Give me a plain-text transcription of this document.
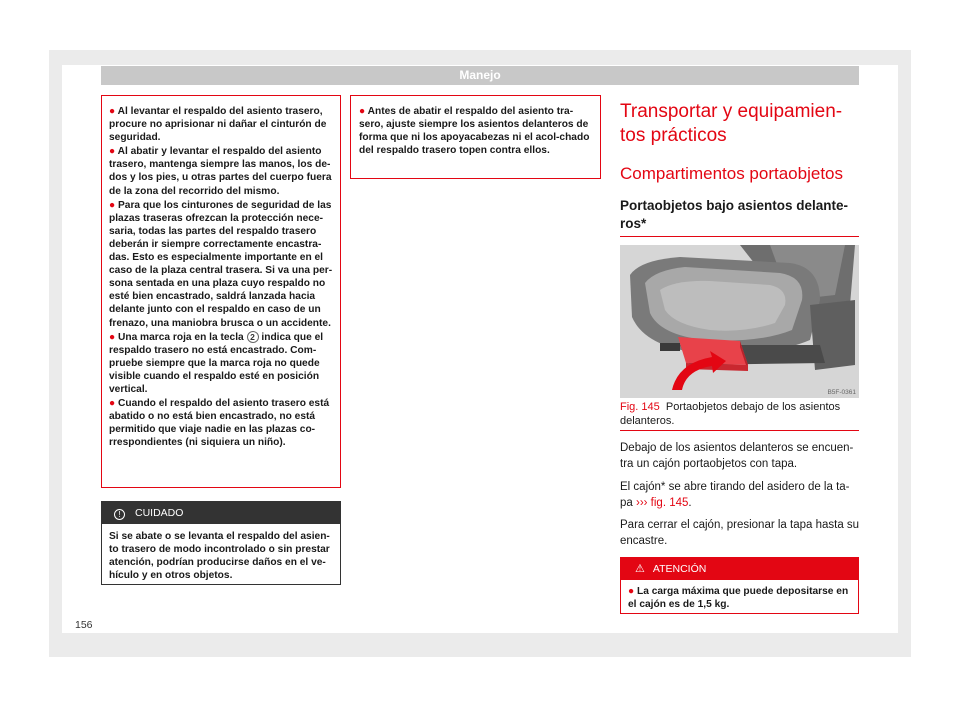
Manejo
● Al levantar el respaldo del asiento trasero, procure no aprisionar ni dañar el cinturón de seguridad.
● Al abatir y levantar el respaldo del asiento trasero, mantenga siempre las manos, los de-dos y los pies, u otras partes del cuerpo fuera de la zona del recorrido del mismo.
● Para que los cinturones de seguridad de las plazas traseras ofrezcan la protección nece-saria, todas las partes del respaldo trasero deberán ir siempre correctamente encastra-das. Esto es especialmente importante en el caso de la plaza central trasera. Si va una per-sona sentada en una plaza cuyo respaldo no esté bien encastrado, saldrá lanzada hacia delante junto con el respaldo en caso de un frenazo, una maniobra brusca o un accidente.
● Una marca roja en la tecla 2 indica que el respaldo trasero no está encastrado. Com-pruebe siempre que la marca roja no quede visible cuando el respaldo esté en posición vertical.
● Cuando el respaldo del asiento trasero está abatido o no está bien encastrado, no está permitido que viaje nadie en las plazas co-rrespondientes (ni siquiera un niño).
! CUIDADO
Si se abate o se levanta el respaldo del asien-to trasero de modo incontrolado o sin prestar atención, podrían producirse daños en el ve-hículo y en otros objetos.
● Antes de abatir el respaldo del asiento tra-sero, ajuste siempre los asientos delanteros de forma que ni los apoyacabezas ni el acol-chado del respaldo trasero topen contra ellos.
Transportar y equipamien-tos prácticos
Compartimentos portaobjetos
Portaobjetos bajo asientos delante-ros*
B5F-0361
Fig. 145 Portaobjetos debajo de los asientos delanteros.
Debajo de los asientos delanteros se encuen-tra un cajón portaobjetos con tapa.
El cajón* se abre tirando del asidero de la ta-pa ››› fig. 145.
Para cerrar el cajón, presionar la tapa hasta su encastre.
⚠ ATENCIÓN
● La carga máxima que puede depositarse en el cajón es de 1,5 kg.
156
